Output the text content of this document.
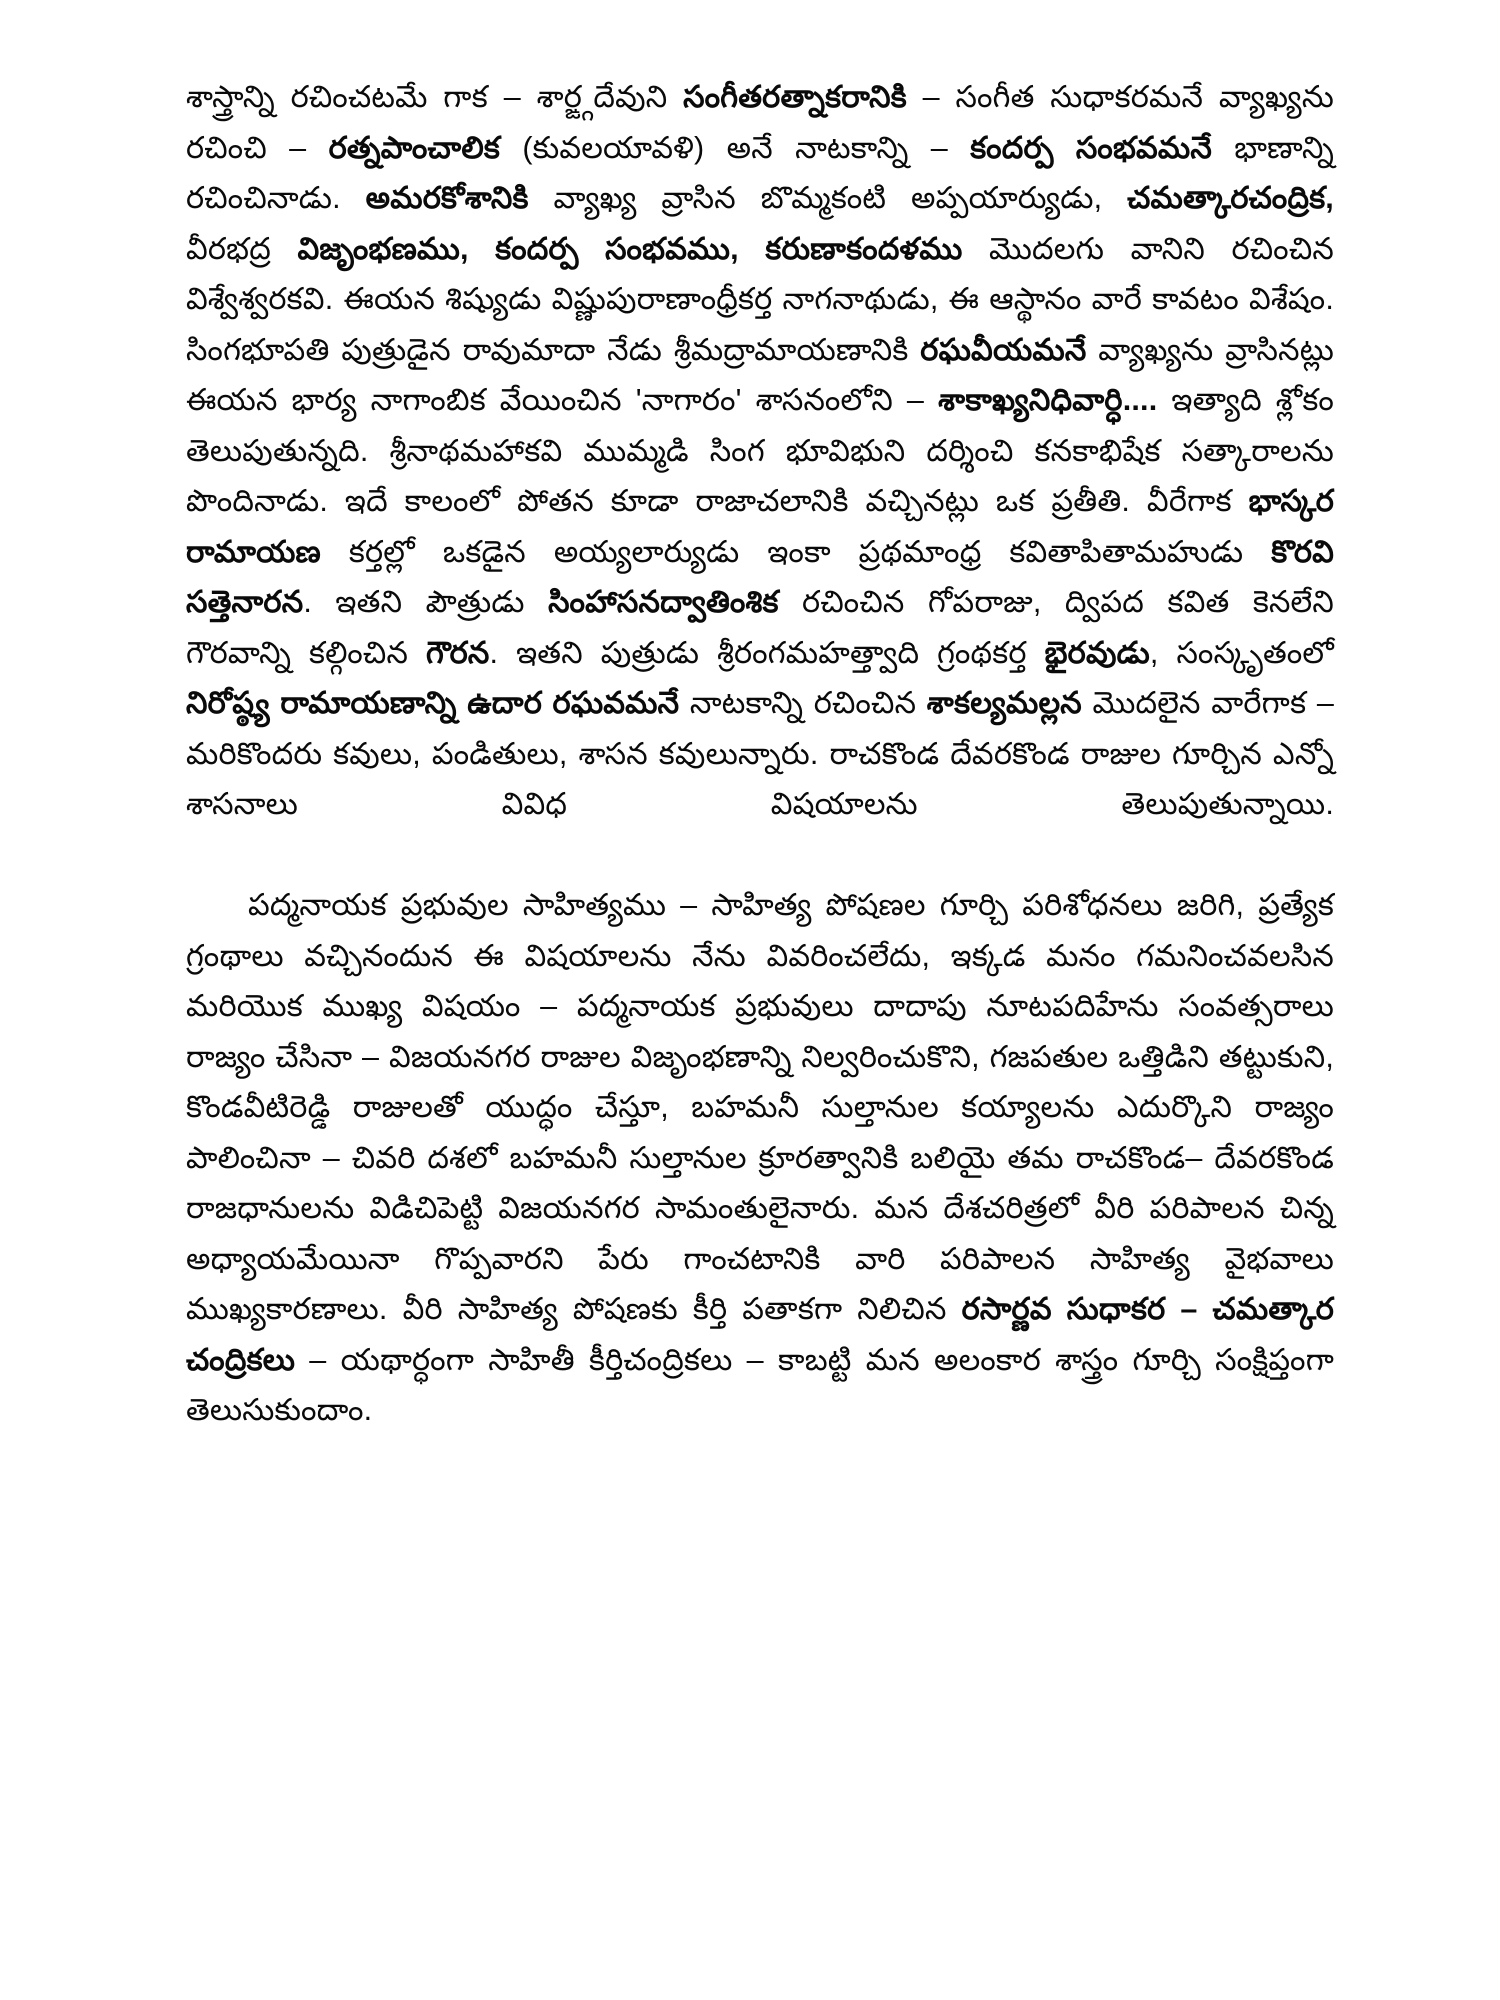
శాస్త్రాన్ని రచించటమే గాక – శార్ఙ్గదేవుని సంగీతరత్నాకరానికి – సంగీత సుధాకరమనే వ్యాఖ్యను రచించి – రత్నపాంచాలిక (కువలయావళి) అనే నాటకాన్ని – కందర్ప సంభవమనే భాణాన్ని రచించినాడు. అమరకోశానికి వ్యాఖ్య వ్రాసిన బొమ్మకంటి అప్పయార్యుడు, చమత్కారచంద్రిక, వీరభద్ర విజృంభణము, కందర్ప సంభవము, కరుణాకందళము మొదలగు వానిని రచించిన విశ్వేశ్వరకవి. ఈయన శిష్యుడు విష్ణుపురాణాంధ్రీకర్త నాగనాథుడు, ఈ ఆస్థానం వారే కావటం విశేషం. సింగభూపతి పుత్రుడైన రావుమాదా నేడు శ్రీమద్రామాయణానికి రఘవీయమనే వ్యాఖ్యను వ్రాసినట్లు ఈయన భార్య నాగాంబిక వేయించిన 'నాగారం' శాసనంలోని – శాకాఖ్యనిధివార్ధి.... ఇత్యాది శ్లోకం తెలుపుతున్నది. శ్రీనాథమహాకవి ముమ్మడి సింగ భూవిభుని దర్శించి కనకాభిషేక సత్కారాలను పొందినాడు. ఇదే కాలంలో పోతన కూడా రాజాచలానికి వచ్చినట్లు ఒక ప్రతీతి. వీరేగాక భాస్కర రామాయణ కర్తల్లో ఒకడైన అయ్యలార్యుడు ఇంకా ప్రథమాంధ్ర కవితాపితామహుడు కొరవి సత్తెనారన. ఇతని పౌత్రుడు సింహాసనద్వాతింశిక రచించిన గోపరాజు, ద్విపద కవిత కెనలేని గౌరవాన్ని కల్గించిన గౌరన. ఇతని పుత్రుడు శ్రీరంగమహత్త్వాది గ్రంథకర్త భైరవుడు, సంస్కృతంలో నిరోష్ఠ్య రామాయణాన్ని ఉదార రఘవమనే నాటకాన్ని రచించిన శాకల్యమల్లన మొదలైన వారేగాక – మరికొందరు కవులు, పండితులు, శాసన కవులున్నారు. రాచకొండ దేవరకొండ రాజుల గూర్చిన ఎన్నో శాసనాలు వివిధ విషయాలను తెలుపుతున్నాయి.

పద్మనాయక ప్రభువుల సాహిత్యము – సాహిత్య పోషణల గూర్చి పరిశోధనలు జరిగి, ప్రత్యేక గ్రంథాలు వచ్చినందున ఈ విషయాలను నేను వివరించలేదు, ఇక్కడ మనం గమనించవలసిన మరియొక ముఖ్య విషయం – పద్మనాయక ప్రభువులు దాదాపు నూటపదిహేను సంవత్సరాలు రాజ్యం చేసినా – విజయనగర రాజుల విజృంభణాన్ని నిల్వరించుకొని, గజపతుల ఒత్తిడిని తట్టుకుని, కొండవీటిరెడ్డి రాజులతో యుద్ధం చేస్తూ, బహమనీ సుల్తానుల కయ్యాలను ఎదుర్కొని రాజ్యం పాలించినా – చివరి దశలో బహమనీ సుల్తానుల క్రూరత్వానికి బలియై తమ రాచకొండ– దేవరకొండ రాజధానులను విడిచిపెట్టి విజయనగర సామంతులైనారు. మన దేశచరిత్రలో వీరి పరిపాలన చిన్న అధ్యాయమేయినా గొప్పవారని పేరు గాంచటానికి వారి పరిపాలన సాహిత్య వైభవాలు ముఖ్యకారణాలు. వీరి సాహిత్య పోషణకు కీర్తి పతాకగా నిలిచిన రసార్ణవ సుధాకర – చమత్కార చంద్రికలు – యథార్ధంగా సాహితీ కీర్తిచంద్రికలు – కాబట్టి మన అలంకార శాస్త్రం గూర్చి సంక్షిప్తంగా తెలుసుకుందాం.
